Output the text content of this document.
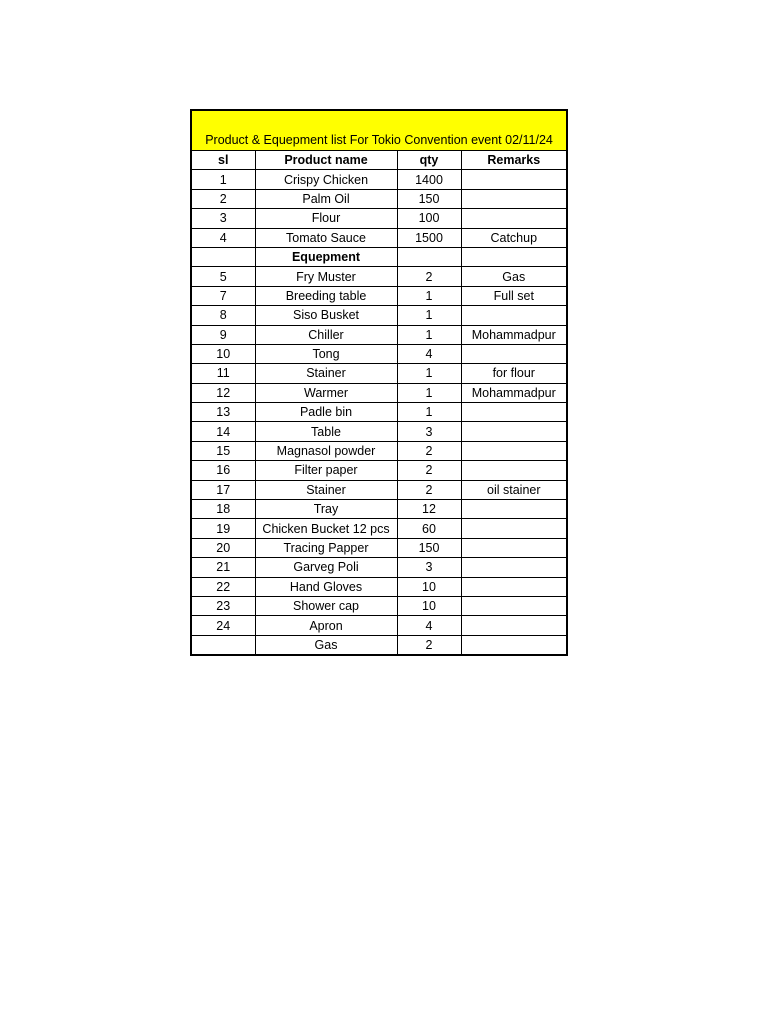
Product & Equepment list For Tokio Convention event 02/11/24			
sl	Product name	qty	Remarks
1	Crispy Chicken	1400	
2	Palm Oil	150	
3	Flour	100	
4	Tomato Sauce	1500	Catchup
	Equepment		
5	Fry Muster	2	Gas
7	Breeding table	1	Full set
8	Siso Busket	1	
9	Chiller	1	Mohammadpur
10	Tong	4	
11	Stainer	1	for flour
12	Warmer	1	Mohammadpur
13	Padle bin	1	
14	Table	3	
15	Magnasol powder	2	
16	Filter paper	2	
17	Stainer	2	oil stainer
18	Tray	12	
19	Chicken Bucket 12 pcs	60	
20	Tracing Papper	150	
21	Garveg Poli	3	
22	Hand Gloves	10	
23	Shower cap	10	
24	Apron	4	
	Gas	2	
